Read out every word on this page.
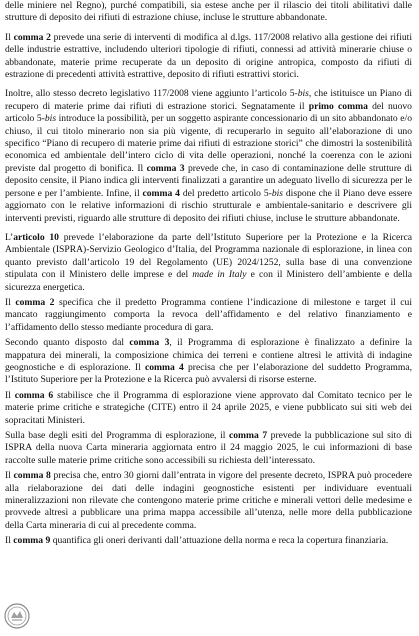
delle miniere nel Regno), purché compatibili, sia estese anche per il rilascio dei titoli abilitativi dalle strutture di deposito dei rifiuti di estrazione chiuse, incluse le strutture abbandonate.

Il comma 2 prevede una serie di interventi di modifica al d.lgs. 117/2008 relativo alla gestione dei rifiuti delle industrie estrattive, includendo ulteriori tipologie di rifiuti, connessi ad attività minerarie chiuse o abbandonate, materie prime recuperate da un deposito di origine antropica, composto da rifiuti di estrazione di precedenti attività estrattive, deposito di rifiuti estrattivi storici.

Inoltre, allo stesso decreto legislativo 117/2008 viene aggiunto l’articolo 5-bis, che istituisce un Piano di recupero di materie prime dai rifiuti di estrazione storici. Segnatamente il primo comma del nuovo articolo 5-bis introduce la possibilità, per un soggetto aspirante concessionario di un sito abbandonato e/o chiuso, il cui titolo minerario non sia più vigente, di recuperarlo in seguito all’elaborazione di uno specifico “Piano di recupero di materie prime dai rifiuti di estrazione storici” che dimostri la sostenibilità economica ed ambientale dell’intero ciclo di vita delle operazioni, nonché la coerenza con le azioni previste dal progetto di bonifica. Il comma 3 prevede che, in caso di contaminazione delle strutture di deposito censite, il Piano indica gli interventi finalizzati a garantire un adeguato livello di sicurezza per le persone e per l’ambiente. Infine, il comma 4 del predetto articolo 5-bis dispone che il Piano deve essere aggiornato con le relative informazioni di rischio strutturale e ambientale-sanitario e descrivere gli interventi previsti, riguardo alle strutture di deposito dei rifiuti chiuse, incluse le strutture abbandonate.

L’articolo 10 prevede l’elaborazione da parte dell’Istituto Superiore per la Protezione e la Ricerca Ambientale (ISPRA)-Servizio Geologico d’Italia, del Programma nazionale di esplorazione, in linea con quanto previsto dall’articolo 19 del Regolamento (UE) 2024/1252, sulla base di una convenzione stipulata con il Ministero delle imprese e del made in Italy e con il Ministero dell’ambiente e della sicurezza energetica.

Il comma 2 specifica che il predetto Programma contiene l’indicazione di milestone e target il cui mancato raggiungimento comporta la revoca dell’affidamento e del relativo finanziamento e l’affidamento dello stesso mediante procedura di gara.

Secondo quanto disposto dal comma 3, il Programma di esplorazione è finalizzato a definire la mappatura dei minerali, la composizione chimica dei terreni e contiene altresì le attività di indagine geognostiche e di esplorazione. Il comma 4 precisa che per l’elaborazione del suddetto Programma, l’Istituto Superiore per la Protezione e la Ricerca può avvalersi di risorse esterne.

Il comma 6 stabilisce che il Programma di esplorazione viene approvato dal Comitato tecnico per le materie prime critiche e strategiche (CITE) entro il 24 aprile 2025, e viene pubblicato sui siti web dei sopracitati Ministeri.

Sulla base degli esiti del Programma di esplorazione, il comma 7 prevede la pubblicazione sul sito di ISPRA della nuova Carta mineraria aggiornata entro il 24 maggio 2025, le cui informazioni di base raccolte sulle materie prime critiche sono accessibili su richiesta dell’interessato.

Il comma 8 precisa che, entro 30 giorni dall’entrata in vigore del presente decreto, ISPRA può procedere alla rielaborazione dei dati delle indagini geognostiche esistenti per individuare eventuali mineralizzazioni non rilevate che contengono materie prime critiche e minerali vettori delle medesime e provvede altresì a pubblicare una prima mappa accessibile all’utenza, nelle more della pubblicazione della Carta mineraria di cui al precedente comma.

Il comma 9 quantifica gli oneri derivanti dall’attuazione della norma e reca la copertura finanziaria.
